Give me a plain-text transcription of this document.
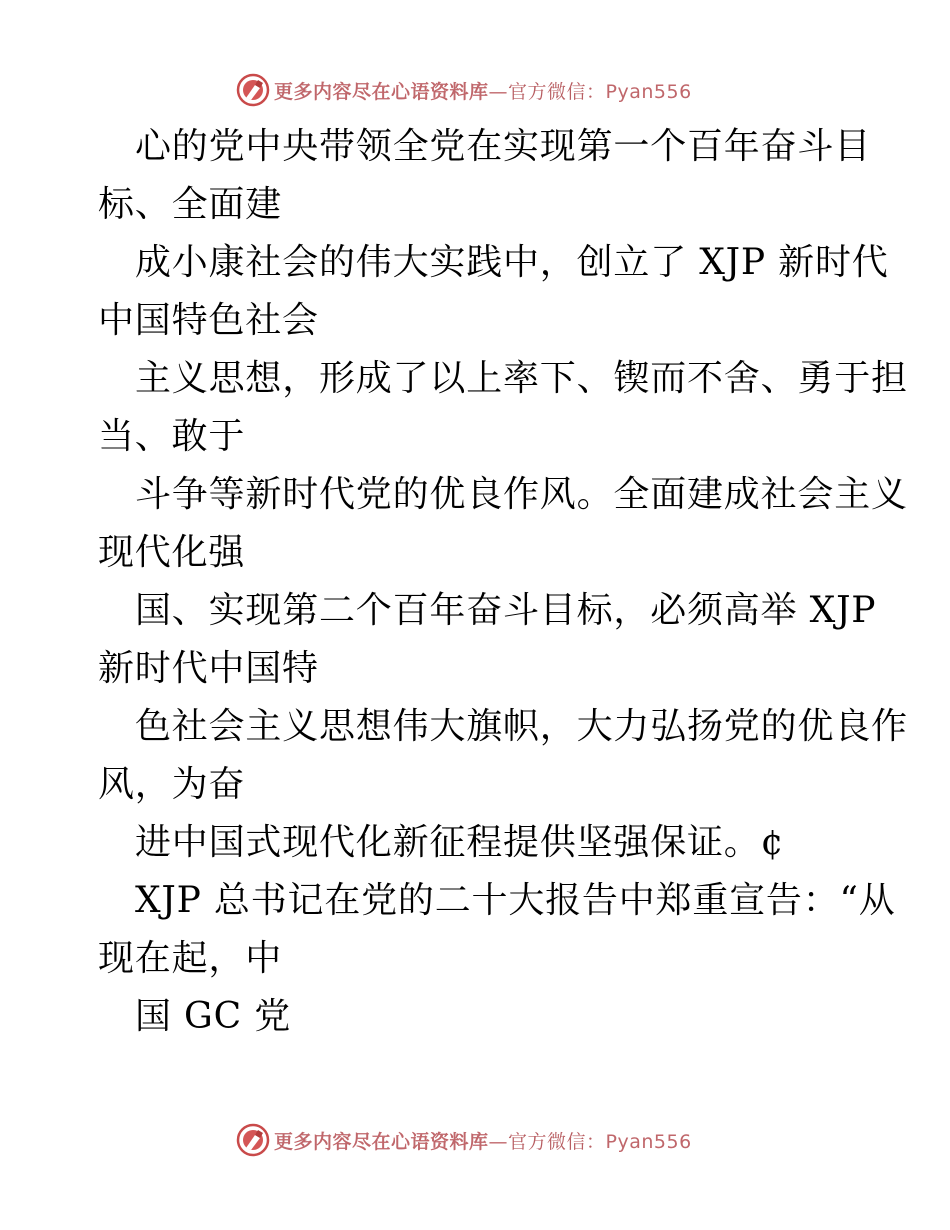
更多内容尽在心语资料库—官方微信：Pyan556
心的党中央带领全党在实现第一个百年奋斗目
标、全面建
成小康社会的伟大实践中，创立了 XJP 新时代
中国特色社会
主义思想，形成了以上率下、锲而不舍、勇于担
当、敢于
斗争等新时代党的优良作风。全面建成社会主义
现代化强
国、实现第二个百年奋斗目标，必须高举 XJP
新时代中国特
色社会主义思想伟大旗帜，大力弘扬党的优良作
风，为奋
进中国式现代化新征程提供坚强保证。¢
XJP 总书记在党的二十大报告中郑重宣告：“从
现在起，中
国 GC 党
更多内容尽在心语资料库—官方微信：Pyan556
